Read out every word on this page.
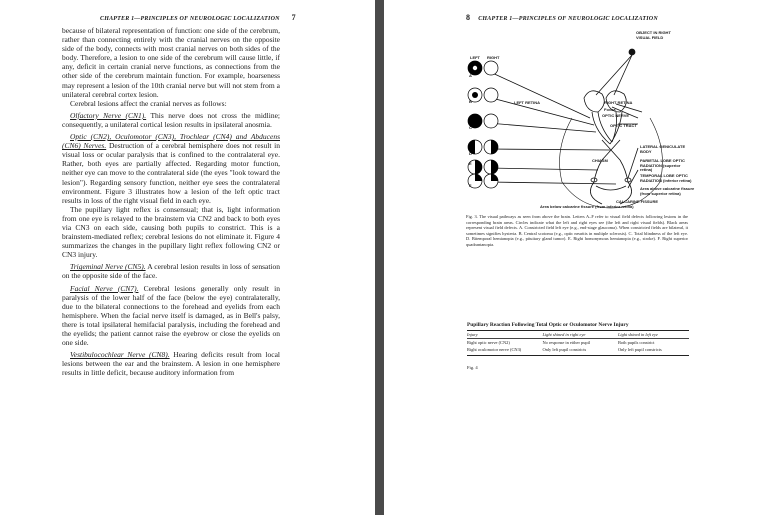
CHAPTER 1—PRINCIPLES OF NEUROLOGIC LOCALIZATION 7

because of bilateral representation of function: one side of the cerebrum, rather than connecting entirely with the cranial nerves on the opposite side of the body, connects with most cranial nerves on both sides of the body. Therefore, a lesion to one side of the cerebrum will cause little, if any, deficit in certain cranial nerve functions, as connections from the other side of the cerebrum maintain function. For example, hoarseness may represent a lesion of the 10th cranial nerve but will not stem from a unilateral cerebral cortex lesion.

Cerebral lesions affect the cranial nerves as follows:

Olfactory Nerve (CN1). This nerve does not cross the midline; consequently, a unilateral cortical lesion results in ipsilateral anosmia.

Optic (CN2), Oculomotor (CN3), Trochlear (CN4) and Abducens (CN6) Nerves. Destruction of a cerebral hemisphere does not result in visual loss or ocular paralysis that is confined to the contralateral eye. Rather, both eyes are partially affected. Regarding motor function, neither eye can move to the contralateral side (the eyes "look toward the lesion"). Regarding sensory function, neither eye sees the contralateral environment. Figure 3 illustrates how a lesion of the left optic tract results in loss of the right visual field in each eye.

The pupillary light reflex is consensual; that is, light information from one eye is relayed to the brainstem via CN2 and back to both eyes via CN3 on each side, causing both pupils to constrict. This is a brainstem-mediated reflex; cerebral lesions do not eliminate it. Figure 4 summarizes the changes in the pupillary light reflex following CN2 or CN3 injury.

Trigeminal Nerve (CN5). A cerebral lesion results in loss of sensation on the opposite side of the face.

Facial Nerve (CN7). Cerebral lesions generally only result in paralysis of the lower half of the face (below the eye) contralaterally, due to the bilateral connections to the forehead and eyelids from each hemisphere. When the facial nerve itself is damaged, as in Bell's palsy, there is total ipsilateral hemifacial paralysis, including the forehead and the eyelids; the patient cannot raise the eyebrow or close the eyelids on one side.

Vestibulocochlear Nerve (CN8). Hearing deficits result from local lesions between the ear and the brainstem. A lesion in one hemisphere results in little deficit, because auditory information from

8 CHAPTER 1—PRINCIPLES OF NEUROLOGIC LOCALIZATION
LEFT RIGHT
OBJECT IN RIGHT VISUAL FIELD
A
B
C
D
E
F
LEFT RETINA	RIGHT RETINA
Fovea
OPTIC NERVE
OPTIC TRACT
CHIASM
LATERAL GENICULATE BODY
PARIETAL LOBE OPTIC RADIATION (superior retina)
TEMPORAL LOBE OPTIC RADIATION (inferior retina)
Area above calcarine fissure (from superior retina)
CALCARINE FISSURE
Area below calcarine fissure (from inferior retina)
Fig. 3. The visual pathways as seen from above the brain. Letters A–F refer to visual field defects following lesions in the corresponding brain areas. Circles indicate what the left and right eyes see (the left and right visual fields). Black areas represent visual field defects. A. Constricted field left eye (e.g., end-stage glaucoma). When constricted fields are bilateral, it sometimes signifies hysteria. B. Central scotoma (e.g., optic neuritis in multiple sclerosis). C. Total blindness of the left eye. D. Bitemporal hemianopia (e.g., pituitary gland tumor). E. Right homonymous hemianopia (e.g., stroke). F. Right superior quadrantanopia.
Pupillary Reaction Following Total Optic or Oculomotor Nerve Injury
Injury	Light shined in right eye	Light shined in left eye
Right optic nerve (CN2)	No response in either pupil	Both pupils constrict
Right oculomotor nerve (CN3)	Only left pupil constricts	Only left pupil constricts
Fig. 4
